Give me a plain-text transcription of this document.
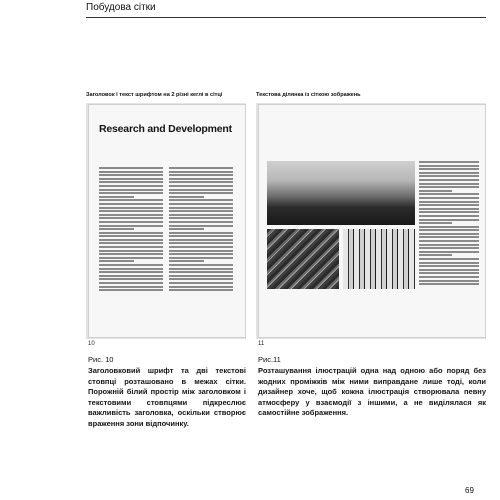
Побудова сітки
Заголовок і текст шрифтом на 2 різні кеглі в сітці	Текстова ділянка із сіткою зображень
Research and Development
10	11
Рис. 10
Заголовковий шрифт та дві текстові стовпці розташовано в межах сітки. Порожній білий простір між заголовком і текстовими стовпцями підкреслює важливість заголовка, оскільки створює враження зони відпочинку.
Рис.11
Розташування ілюстрацій одна над одною або поряд без жодних проміжків між ними виправдане лише тоді, коли дизайнер хоче, щоб кожна ілюстрація створювала певну атмосферу у взаємодії з іншими, а не виділялася як самостійне зображення.
69
